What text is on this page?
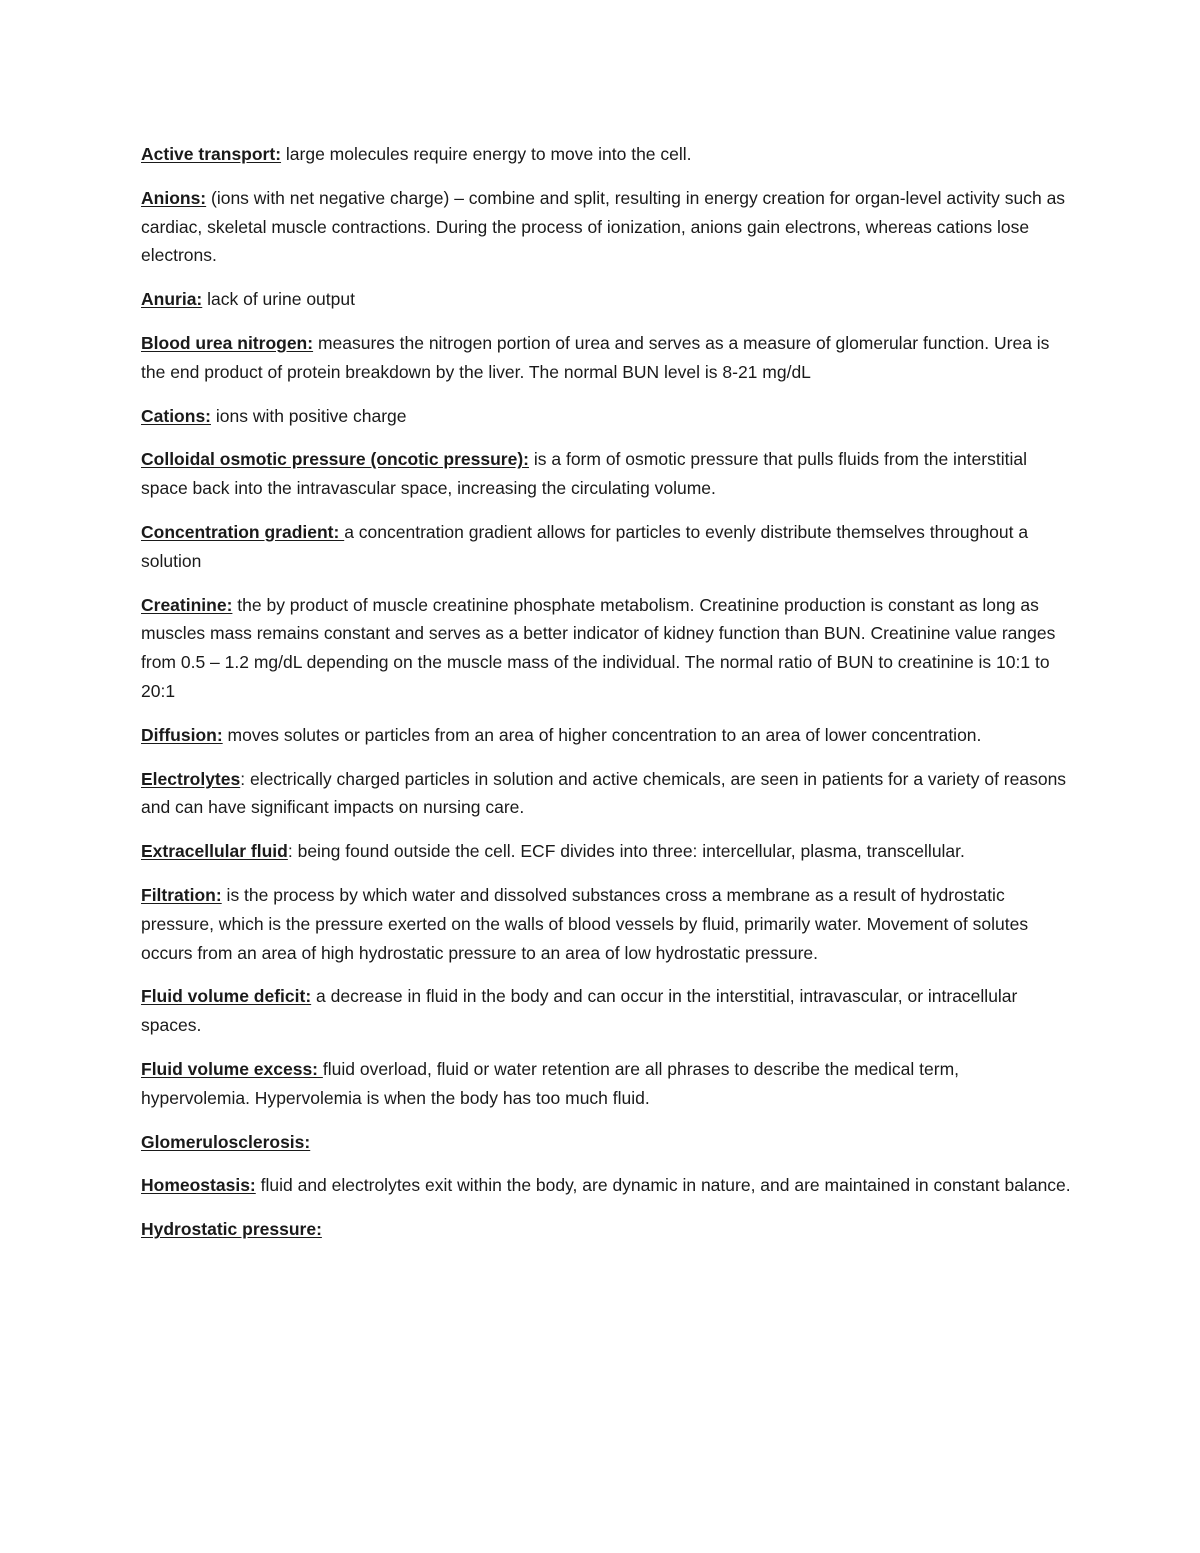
Active transport: large molecules require energy to move into the cell.

Anions: (ions with net negative charge) – combine and split, resulting in energy creation for organ-level activity such as cardiac, skeletal muscle contractions. During the process of ionization, anions gain electrons, whereas cations lose electrons.

Anuria: lack of urine output

Blood urea nitrogen: measures the nitrogen portion of urea and serves as a measure of glomerular function. Urea is the end product of protein breakdown by the liver. The normal BUN level is 8-21 mg/dL

Cations: ions with positive charge

Colloidal osmotic pressure (oncotic pressure): is a form of osmotic pressure that pulls fluids from the interstitial space back into the intravascular space, increasing the circulating volume.

Concentration gradient: a concentration gradient allows for particles to evenly distribute themselves throughout a solution

Creatinine: the by product of muscle creatinine phosphate metabolism. Creatinine production is constant as long as muscles mass remains constant and serves as a better indicator of kidney function than BUN. Creatinine value ranges from 0.5 – 1.2 mg/dL depending on the muscle mass of the individual. The normal ratio of BUN to creatinine is 10:1 to 20:1

Diffusion: moves solutes or particles from an area of higher concentration to an area of lower concentration.

Electrolytes: electrically charged particles in solution and active chemicals, are seen in patients for a variety of reasons and can have significant impacts on nursing care.

Extracellular fluid: being found outside the cell. ECF divides into three: intercellular, plasma, transcellular.

Filtration: is the process by which water and dissolved substances cross a membrane as a result of hydrostatic pressure, which is the pressure exerted on the walls of blood vessels by fluid, primarily water. Movement of solutes occurs from an area of high hydrostatic pressure to an area of low hydrostatic pressure.

Fluid volume deficit: a decrease in fluid in the body and can occur in the interstitial, intravascular, or intracellular spaces.

Fluid volume excess: fluid overload, fluid or water retention are all phrases to describe the medical term, hypervolemia. Hypervolemia is when the body has too much fluid.

Glomerulosclerosis:

Homeostasis: fluid and electrolytes exit within the body, are dynamic in nature, and are maintained in constant balance.

Hydrostatic pressure:
